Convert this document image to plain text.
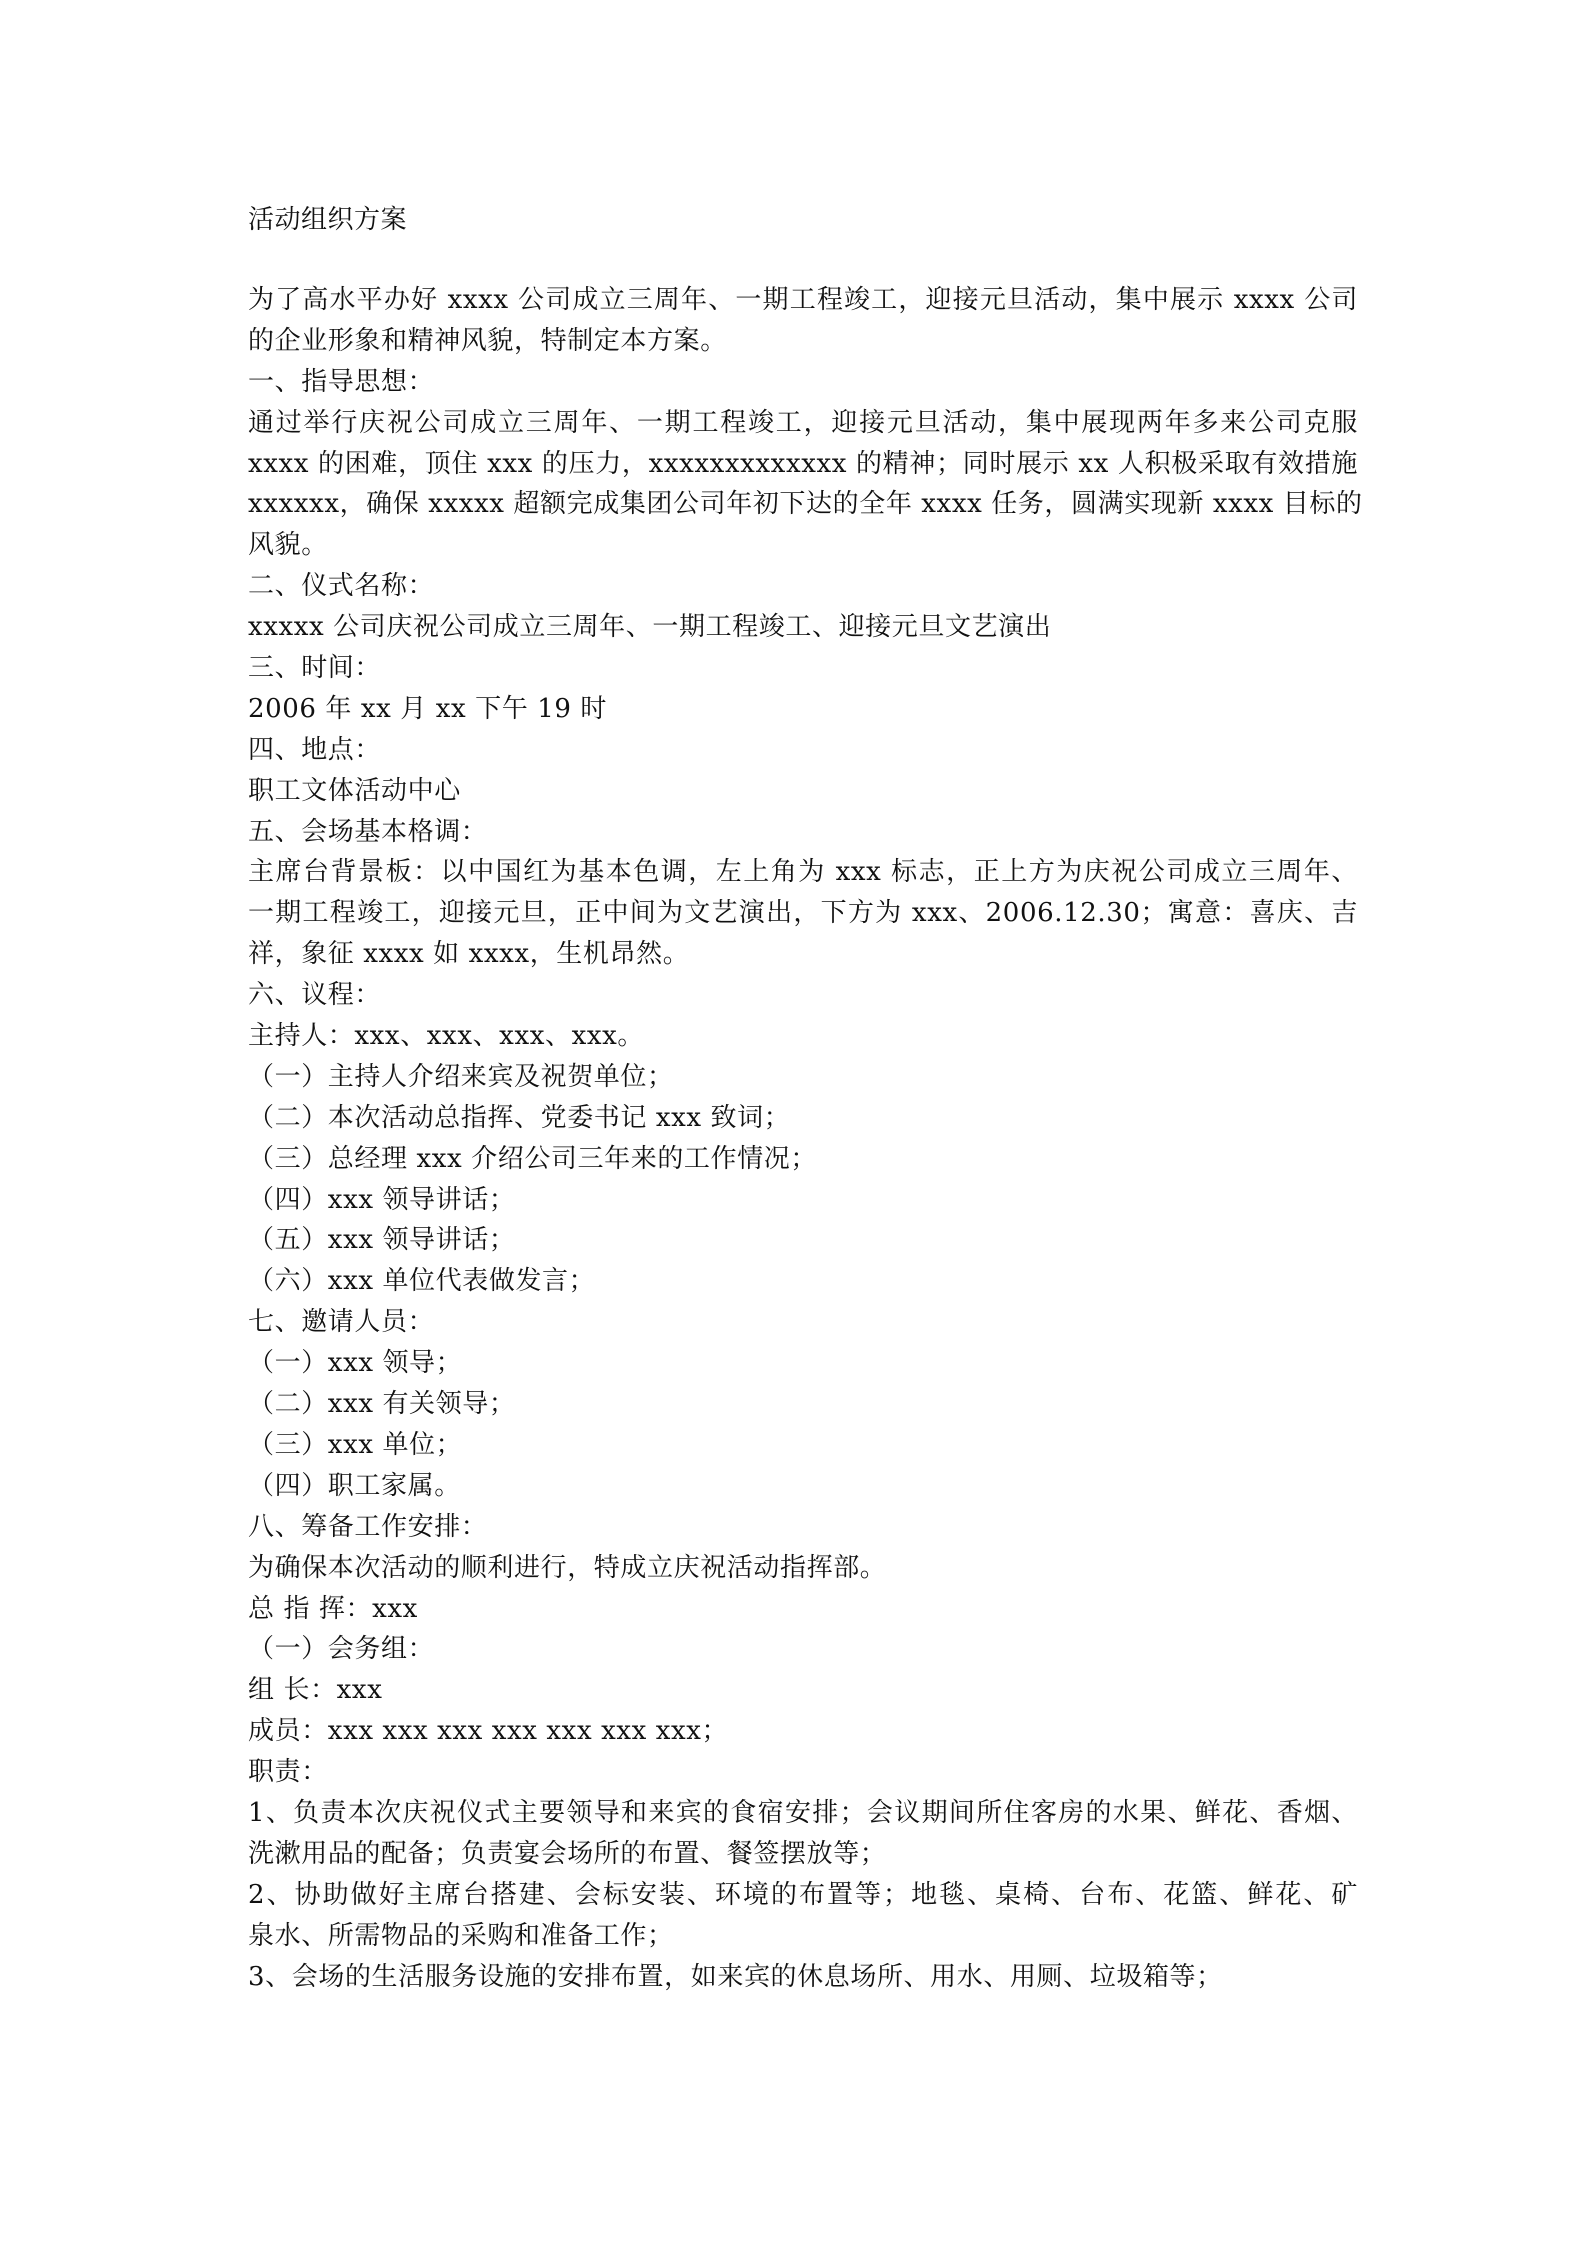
活动组织方案
为了高水平办好 xxxx 公司成立三周年、一期工程竣工，迎接元旦活动，集中展示 xxxx 公司
的企业形象和精神风貌，特制定本方案。
一、指导思想：
通过举行庆祝公司成立三周年、一期工程竣工，迎接元旦活动，集中展现两年多来公司克服
xxxx 的困难，顶住 xxx 的压力，xxxxxxxxxxxxx 的精神；同时展示 xx 人积极采取有效措施
xxxxxx，确保 xxxxx 超额完成集团公司年初下达的全年 xxxx 任务，圆满实现新 xxxx 目标的
风貌。
二、仪式名称：
xxxxx 公司庆祝公司成立三周年、一期工程竣工、迎接元旦文艺演出
三、时间：
2006 年 xx 月 xx 下午 19 时
四、地点：
职工文体活动中心
五、会场基本格调：
主席台背景板：以中国红为基本色调，左上角为 xxx 标志，正上方为庆祝公司成立三周年、
一期工程竣工，迎接元旦，正中间为文艺演出，下方为 xxx、2006.12.30；寓意：喜庆、吉
祥，象征 xxxx 如 xxxx，生机昂然。
六、议程：
主持人：xxx、xxx、xxx、xxx。
（一）主持人介绍来宾及祝贺单位；
（二）本次活动总指挥、党委书记 xxx 致词；
（三）总经理 xxx 介绍公司三年来的工作情况；
（四）xxx 领导讲话；
（五）xxx 领导讲话；
（六）xxx 单位代表做发言；
七、邀请人员：
（一）xxx 领导；
（二）xxx 有关领导；
（三）xxx 单位；
（四）职工家属。
八、筹备工作安排：
为确保本次活动的顺利进行，特成立庆祝活动指挥部。
总 指 挥：xxx
（一）会务组：
组 长：xxx
成员：xxx xxx xxx xxx xxx xxx xxx；
职责：
1、负责本次庆祝仪式主要领导和来宾的食宿安排；会议期间所住客房的水果、鲜花、香烟、
洗漱用品的配备；负责宴会场所的布置、餐签摆放等；
2、协助做好主席台搭建、会标安装、环境的布置等；地毯、桌椅、台布、花篮、鲜花、矿
泉水、所需物品的采购和准备工作；
3、会场的生活服务设施的安排布置，如来宾的休息场所、用水、用厕、垃圾箱等；
